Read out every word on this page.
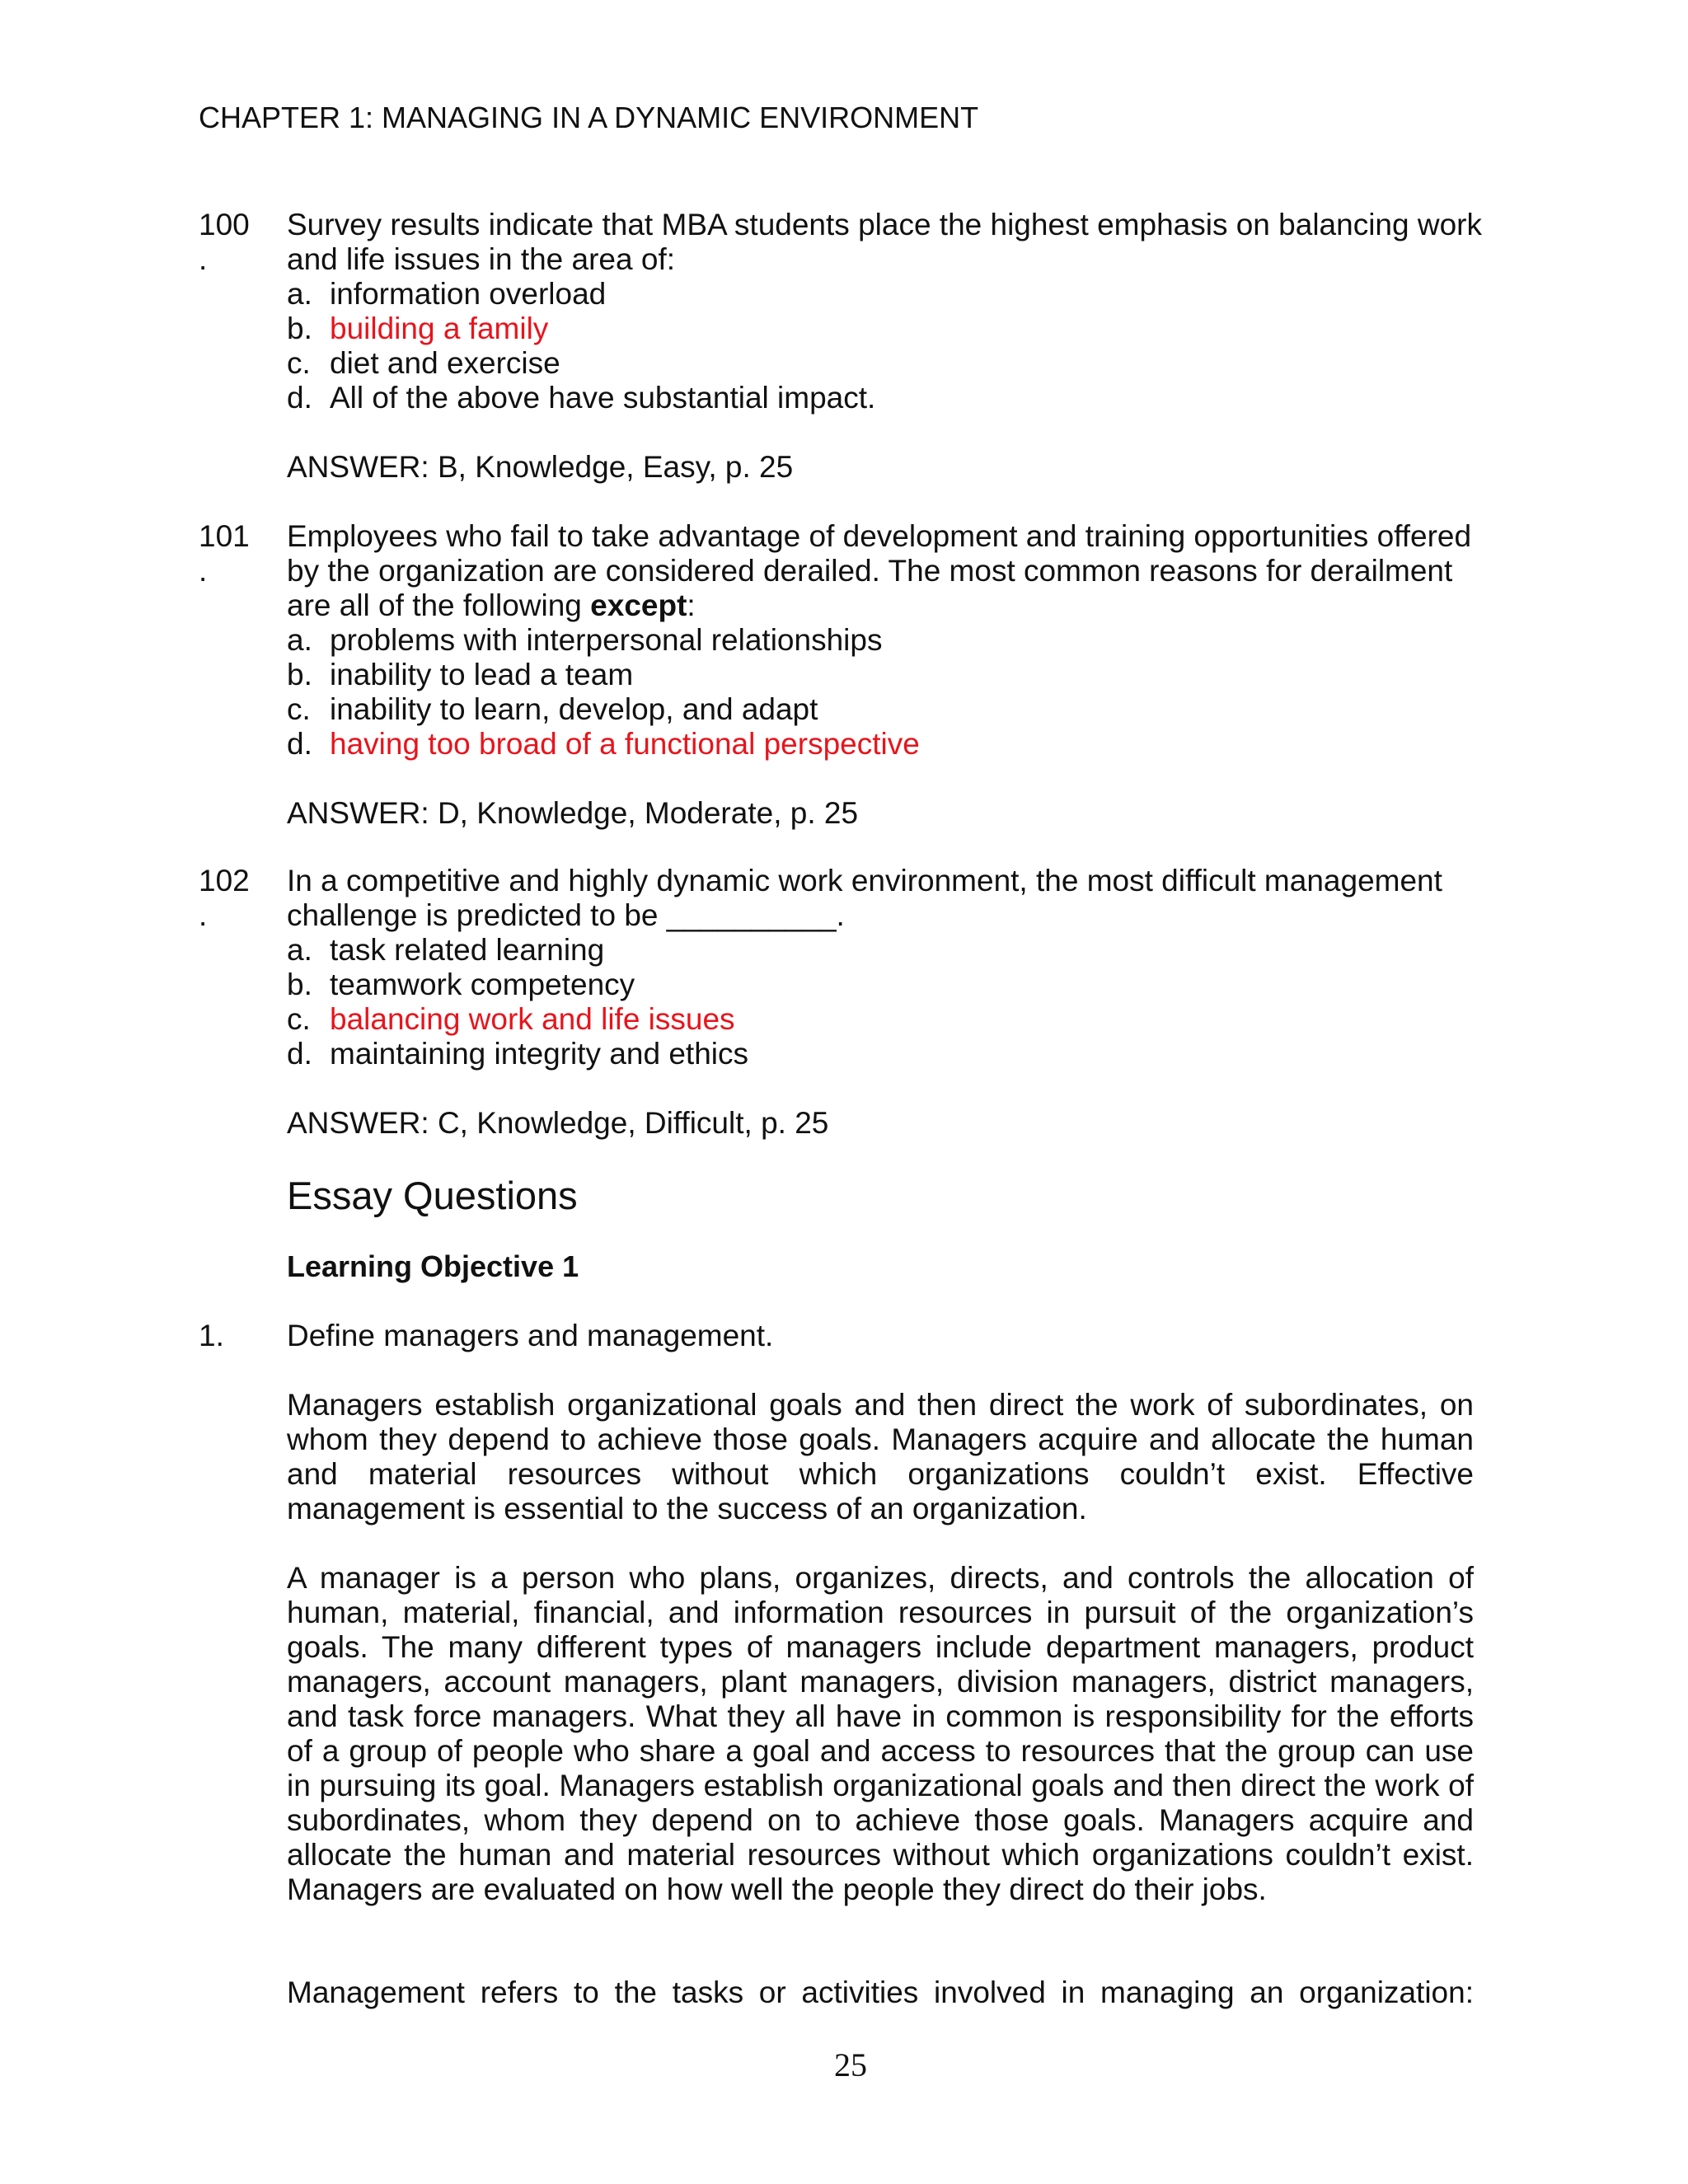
CHAPTER 1: MANAGING IN A DYNAMIC ENVIRONMENT
100
.
Survey results indicate that MBA students place the highest emphasis on balancing work and life issues in the area of:
a. information overload
b. building a family
c. diet and exercise
d. All of the above have substantial impact.
ANSWER: B, Knowledge, Easy, p. 25
101
.
Employees who fail to take advantage of development and training opportunities offered by the organization are considered derailed. The most common reasons for derailment are all of the following except:
a. problems with interpersonal relationships
b. inability to lead a team
c. inability to learn, develop, and adapt
d. having too broad of a functional perspective
ANSWER: D, Knowledge, Moderate, p. 25
102
.
In a competitive and highly dynamic work environment, the most difficult management challenge is predicted to be __________.
a. task related learning
b. teamwork competency
c. balancing work and life issues
d. maintaining integrity and ethics
ANSWER: C, Knowledge, Difficult, p. 25
Essay Questions
Learning Objective 1
1.	Define managers and management.
Managers establish organizational goals and then direct the work of subordinates, on whom they depend to achieve those goals. Managers acquire and allocate the human and material resources without which organizations couldn’t exist. Effective management is essential to the success of an organization.
A manager is a person who plans, organizes, directs, and controls the allocation of human, material, financial, and information resources in pursuit of the organization’s goals. The many different types of managers include department managers, product managers, account managers, plant managers, division managers, district managers, and task force managers. What they all have in common is responsibility for the efforts of a group of people who share a goal and access to resources that the group can use in pursuing its goal. Managers establish organizational goals and then direct the work of subordinates, whom they depend on to achieve those goals. Managers acquire and allocate the human and material resources without which organizations couldn’t exist. Managers are evaluated on how well the people they direct do their jobs.
Management refers to the tasks or activities involved in managing an organization:
25
